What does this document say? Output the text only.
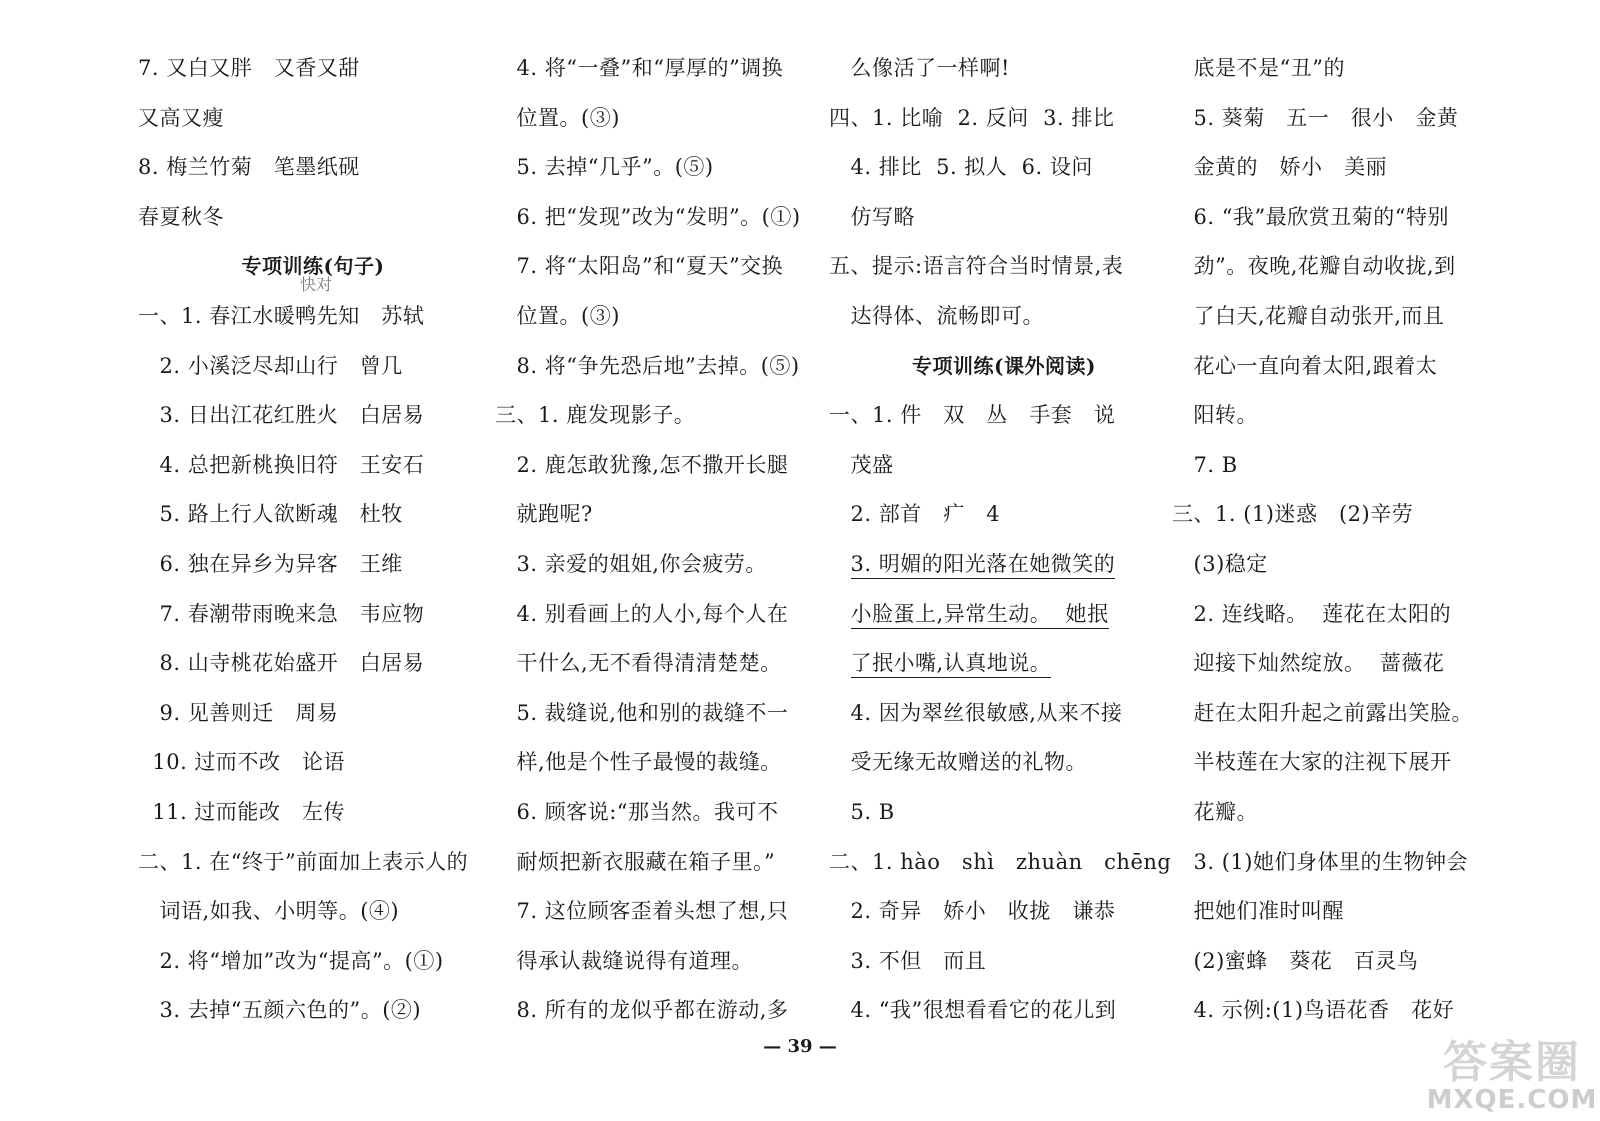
7. 又白又胖   又香又甜
又高又瘦
8. 梅兰竹菊   笔墨纸砚
春夏秋冬
专项训练(句子)
一、1. 春江水暖鸭先知   苏轼
2. 小溪泛尽却山行   曾几
3. 日出江花红胜火   白居易
4. 总把新桃换旧符   王安石
5. 路上行人欲断魂   杜牧
6. 独在异乡为异客   王维
7. 春潮带雨晚来急   韦应物
8. 山寺桃花始盛开   白居易
9. 见善则迁   周易
10. 过而不改   论语
11. 过而能改   左传
二、1. 在“终于”前面加上表示人的
词语,如我、小明等。(④)
2. 将“增加”改为“提高”。(①)
3. 去掉“五颜六色的”。(②)
4. 将“一叠”和“厚厚的”调换
位置。(③)
5. 去掉“几乎”。(⑤)
6. 把“发现”改为“发明”。(①)
7. 将“太阳岛”和“夏天”交换
位置。(③)
8. 将“争先恐后地”去掉。(⑤)
三、1. 鹿发现影子。
2. 鹿怎敢犹豫,怎不撒开长腿
就跑呢?
3. 亲爱的姐姐,你会疲劳。
4. 别看画上的人小,每个人在
干什么,无不看得清清楚楚。
5. 裁缝说,他和别的裁缝不一
样,他是个性子最慢的裁缝。
6. 顾客说:“那当然。我可不
耐烦把新衣服藏在箱子里。”
7. 这位顾客歪着头想了想,只
得承认裁缝说得有道理。
8. 所有的龙似乎都在游动,多
么像活了一样啊!
四、1. 比喻  2. 反问  3. 排比
4. 排比  5. 拟人  6. 设问
仿写略
五、提示:语言符合当时情景,表
达得体、流畅即可。
专项训练(课外阅读)
一、1. 件   双   丛   手套   说
茂盛
2. 部首   疒   4
3. 明媚的阳光落在她微笑的
小脸蛋上,异常生动。  她抿
了抿小嘴,认真地说。
4. 因为翠丝很敏感,从来不接
受无缘无故赠送的礼物。
5. B
二、1. hào   shì   zhuàn   chēng
2. 奇异   娇小   收拢   谦恭
3. 不但   而且
4. “我”很想看看它的花儿到
底是不是“丑”的
5. 葵菊   五一   很小   金黄
金黄的   娇小   美丽
6. “我”最欣赏丑菊的“特别
劲”。夜晚,花瓣自动收拢,到
了白天,花瓣自动张开,而且
花心一直向着太阳,跟着太
阳转。
7. B
三、1. (1)迷惑   (2)辛劳
(3)稳定
2. 连线略。  莲花在太阳的
迎接下灿然绽放。  蔷薇花
赶在太阳升起之前露出笑脸。
半枝莲在大家的注视下展开
花瓣。
3. (1)她们身体里的生物钟会
把她们准时叫醒
(2)蜜蜂   葵花   百灵鸟
4. 示例:(1)鸟语花香   花好
快对
— 39 —	答案圈
MXQE.COM
